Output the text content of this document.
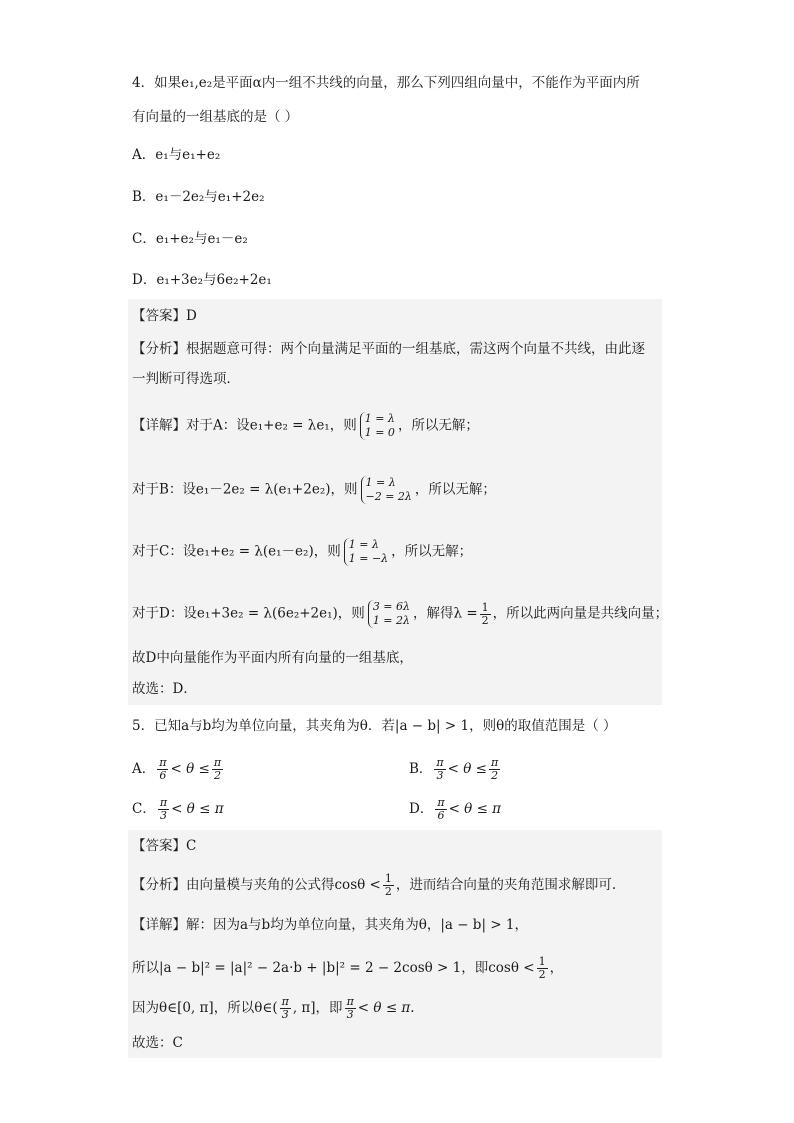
4．如果e₁,e₂是平面α内一组不共线的向量，那么下列四组向量中，不能作为平面内所
有向量的一组基底的是（ ）
A．e₁与e₁+e₂
B．e₁－2e₂与e₁+2e₂
C．e₁+e₂与e₁－e₂
D．e₁+3e₂与6e₂+2e₁
【答案】D
【分析】根据题意可得：两个向量满足平面的一组基底，需这两个向量不共线，由此逐
一判断可得选项．
【详解】对于A：设e₁+e₂ = λe₁，则 1 = λ
1 = 0 ，所以无解；
对于B：设e₁－2e₂ = λ(e₁+2e₂)，则 1 = λ
−2 = 2λ ，所以无解；
对于C：设e₁+e₂ = λ(e₁－e₂)，则 1 = λ
1 = −λ ，所以无解；
对于D：设e₁+3e₂ = λ(6e₂+2e₁)，则 3 = 6λ
1 = 2λ ，解得$\lambda = \frac{1}{2}$ ，所以此两向量是共线向量；
故D中向量能作为平面内所有向量的一组基底，
故选：D．
5．已知a与b均为单位向量，其夹角为θ．若|a − b| > 1，则θ的取值范围是（ ）
A． $\frac{\pi}{6} < \theta \le \frac{\pi}{2}$	B． $\frac{\pi}{3} < \theta \le \frac{\pi}{2}$
C． $\frac{\pi}{3} < \theta \le \pi$	D． $\frac{\pi}{6} < \theta \le \pi$
【答案】C
【分析】由向量模与夹角的公式得$\cos\theta < \frac{1}{2}$ ，进而结合向量的夹角范围求解即可.
【详解】解：因为a与b均为单位向量，其夹角为θ，|a − b| > 1，
所以|a − b|² = |a|² − 2a·b + |b|² = 2 − 2cosθ > 1，即$\cos\theta < \frac{1}{2}$ ，
因为θ∈[0, π]，所以θ∈( $\frac{\pi}{3}$ , π]，即 $\frac{\pi}{3} < \theta \le \pi$.
故选：C
